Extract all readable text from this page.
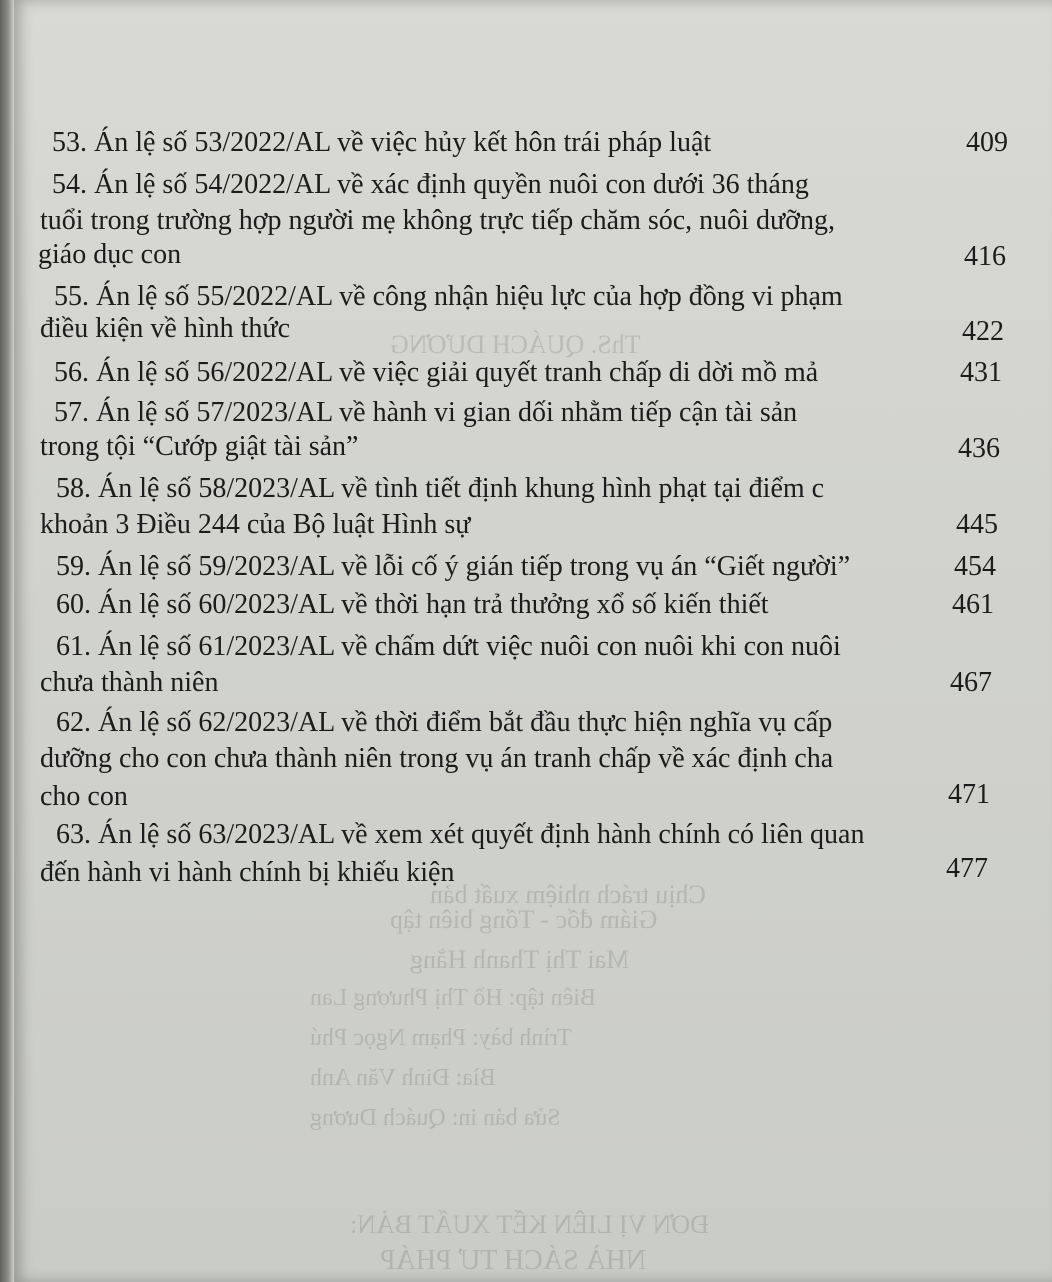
ThS. QUÁCH DƯƠNG
Chịu trách nhiệm xuất bản
Giám đốc - Tổng biên tập
Mai Thị Thanh Hằng
Biên tập: Hồ Thị Phương Lan
Trình bày: Phạm Ngọc Phú
Bìa: Đinh Văn Anh
Sửa bản in: Quách Dương
ĐƠN VỊ LIÊN KẾT XUẤT BẢN:
NHÀ SÁCH TƯ PHÁP
53. Án lệ số 53/2022/AL về việc hủy kết hôn trái pháp luật	409
54. Án lệ số 54/2022/AL về xác định quyền nuôi con dưới 36 tháng
tuổi trong trường hợp người mẹ không trực tiếp chăm sóc, nuôi dưỡng,
giáo dục con	416
55. Án lệ số 55/2022/AL về công nhận hiệu lực của hợp đồng vi phạm
điều kiện về hình thức	422
56. Án lệ số 56/2022/AL về việc giải quyết tranh chấp di dời mồ mả	431
57. Án lệ số 57/2023/AL về hành vi gian dối nhằm tiếp cận tài sản
trong tội “Cướp giật tài sản”	436
58. Án lệ số 58/2023/AL về tình tiết định khung hình phạt tại điểm c
khoản 3 Điều 244 của Bộ luật Hình sự	445
59. Án lệ số 59/2023/AL về lỗi cố ý gián tiếp trong vụ án “Giết người”	454
60. Án lệ số 60/2023/AL về thời hạn trả thưởng xổ số kiến thiết	461
61. Án lệ số 61/2023/AL về chấm dứt việc nuôi con nuôi khi con nuôi
chưa thành niên	467
62. Án lệ số 62/2023/AL về thời điểm bắt đầu thực hiện nghĩa vụ cấp
dưỡng cho con chưa thành niên trong vụ án tranh chấp về xác định cha
cho con	471
63. Án lệ số 63/2023/AL về xem xét quyết định hành chính có liên quan
đến hành vi hành chính bị khiếu kiện	477
